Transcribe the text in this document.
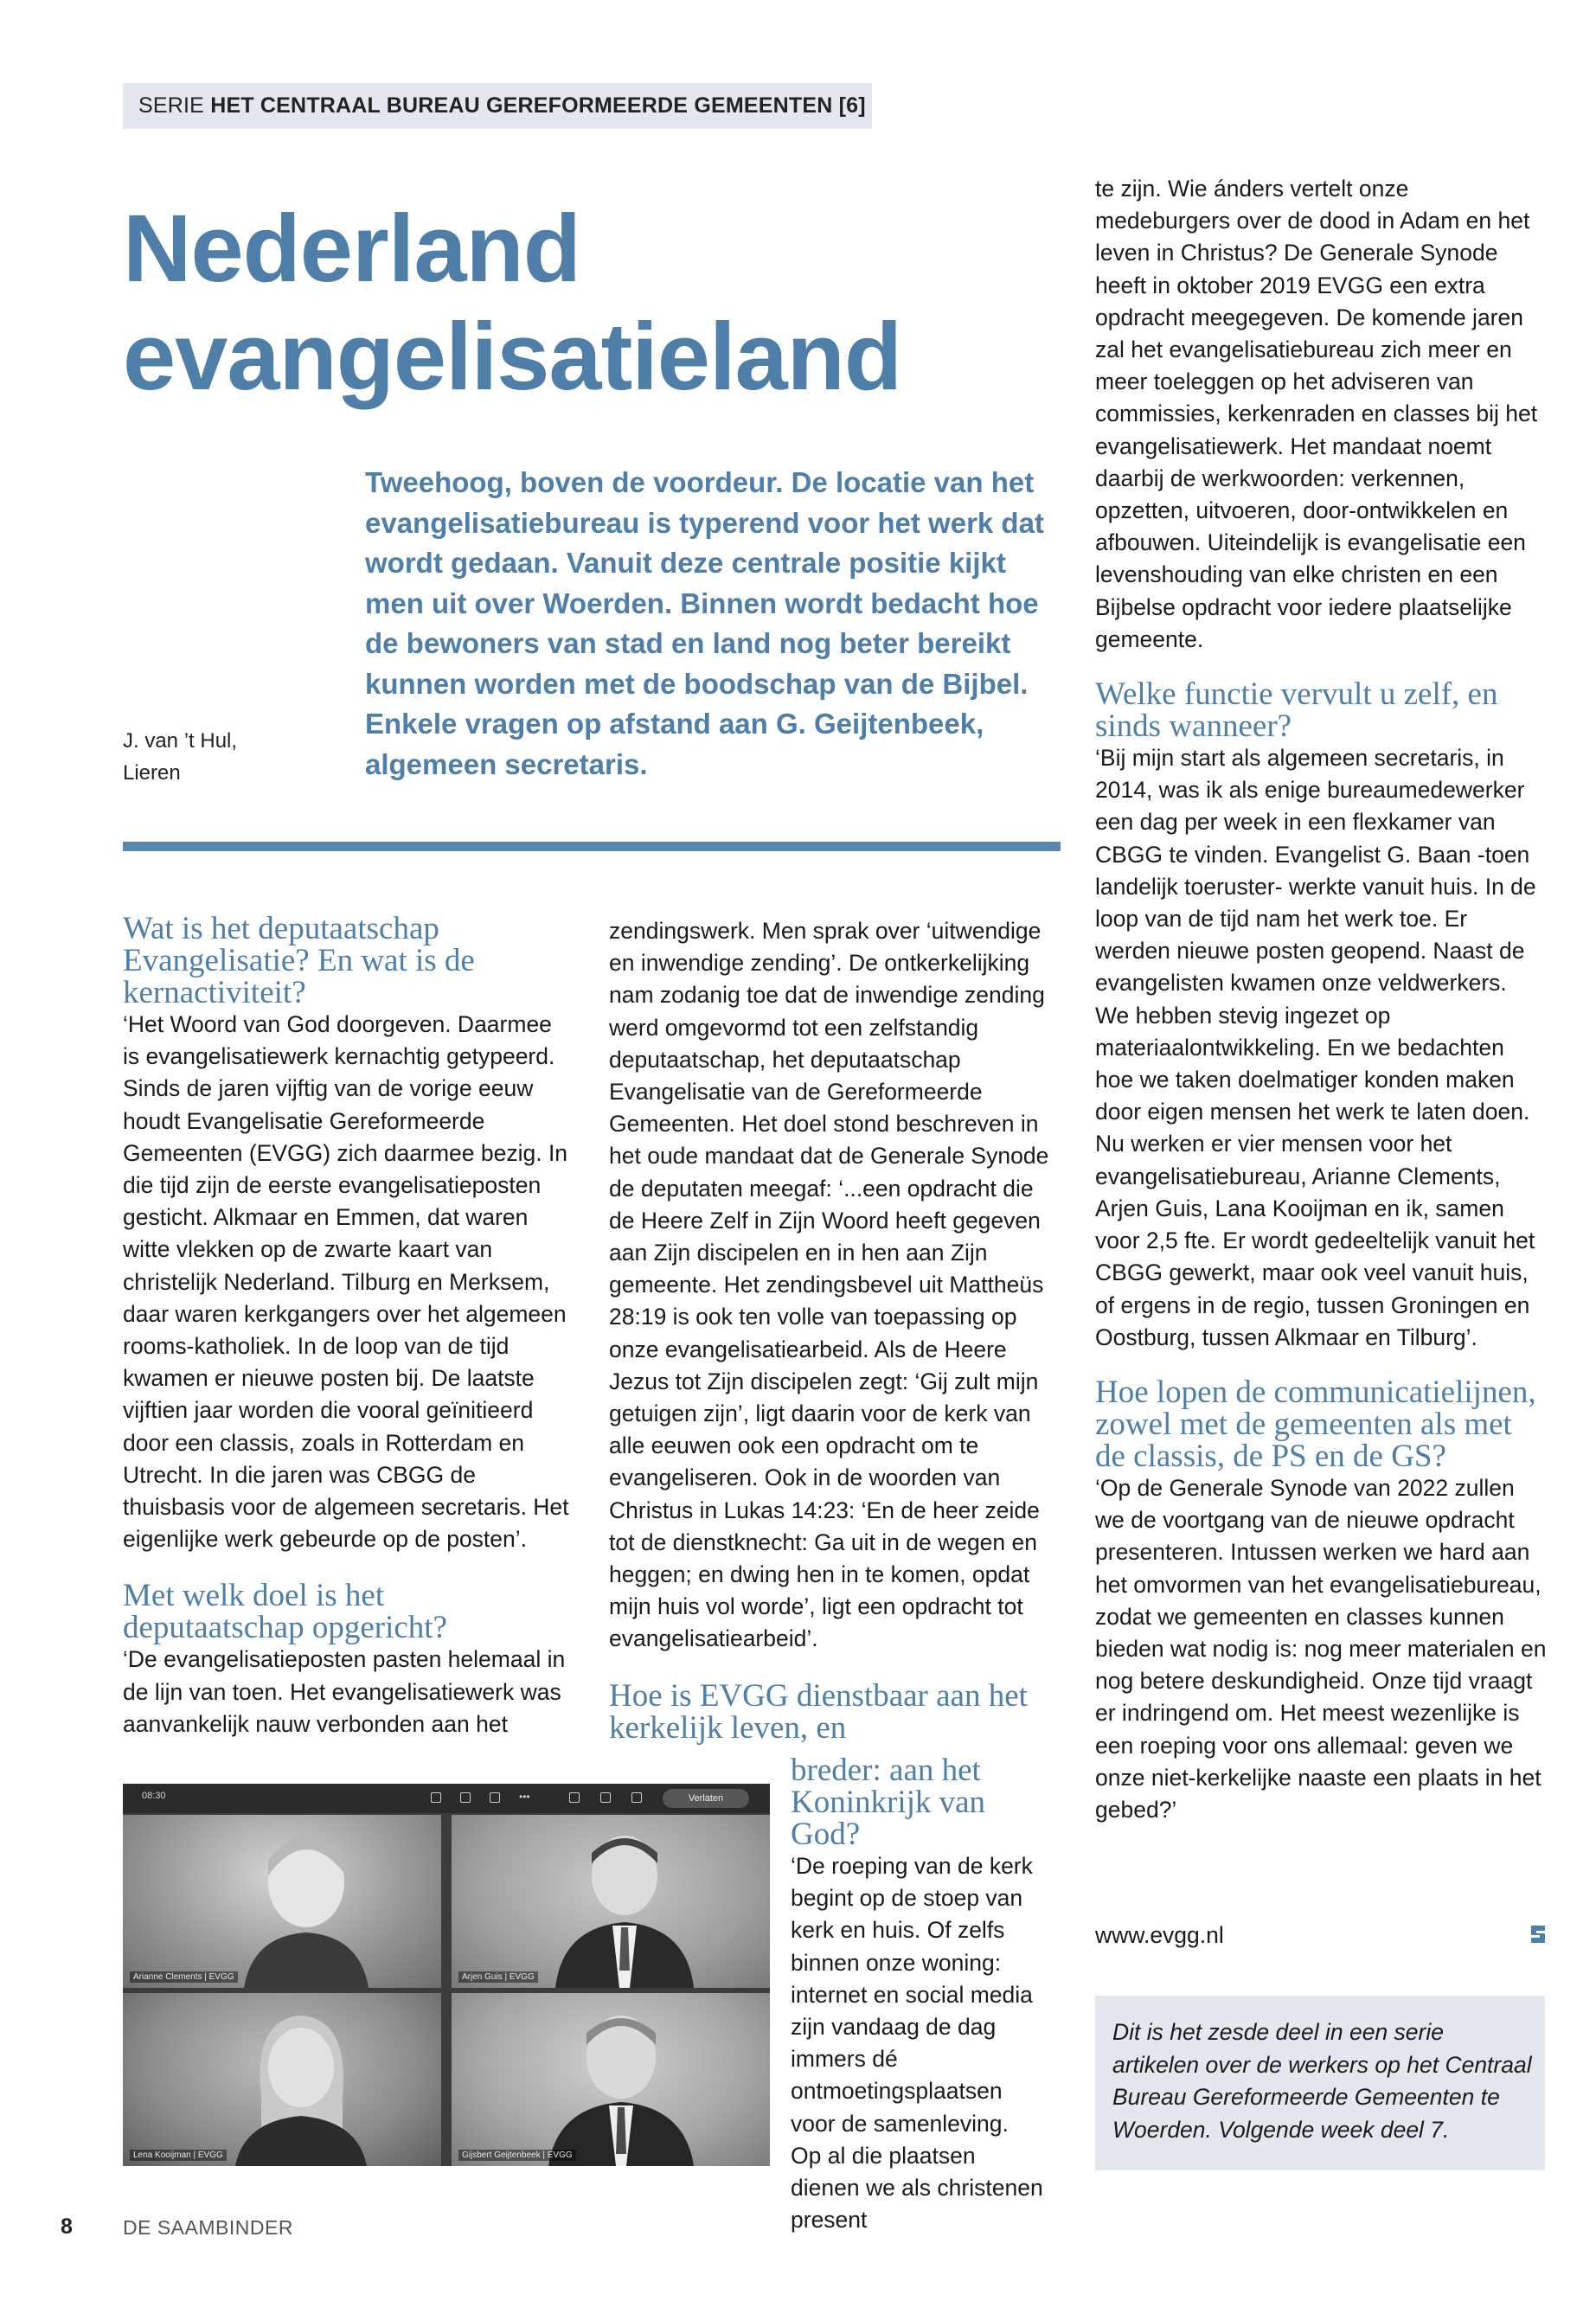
SERIE HET CENTRAAL BUREAU GEREFORMEERDE GEMEENTEN [6]
Nederland
evangelisatieland

Tweehoog, boven de voordeur. De locatie van het evangelisatiebureau is typerend voor het werk dat wordt gedaan. Vanuit deze centrale positie kijkt men uit over Woerden. Binnen wordt bedacht hoe de bewoners van stad en land nog beter bereikt kunnen worden met de boodschap van de Bijbel. Enkele vragen op afstand aan G. Geijtenbeek, algemeen secretaris.

J. van ’t Hul,
Lieren
Wat is het deputaatschap Evangelisatie? En wat is de kernactiviteit?

‘Het Woord van God doorgeven. Daarmee is evangelisatiewerk kernachtig getypeerd. Sinds de jaren vijftig van de vorige eeuw houdt Evangelisatie Gereformeerde Gemeenten (EVGG) zich daarmee bezig. In die tijd zijn de eerste evangelisatieposten gesticht. Alkmaar en Emmen, dat waren witte vlekken op de zwarte kaart van christelijk Nederland. Tilburg en Merksem, daar waren kerkgangers over het algemeen rooms-katholiek. In de loop van de tijd kwamen er nieuwe posten bij. De laatste vijftien jaar worden die vooral geïnitieerd door een classis, zoals in Rotterdam en Utrecht. In die jaren was CBGG de thuisbasis voor de algemeen secretaris. Het eigenlijke werk gebeurde op de posten’.

Met welk doel is het deputaatschap opgericht?

‘De evangelisatieposten pasten helemaal in de lijn van toen. Het evangelisatiewerk was aanvankelijk nauw verbonden aan het

zendingswerk. Men sprak over ‘uitwendige en inwendige zending’. De ontkerkelijking nam zodanig toe dat de inwendige zending werd omgevormd tot een zelfstandig deputaatschap, het deputaatschap Evangelisatie van de Gereformeerde Gemeenten. Het doel stond beschreven in het oude mandaat dat de Generale Synode de deputaten meegaf: ‘...een opdracht die de Heere Zelf in Zijn Woord heeft gegeven aan Zijn discipelen en in hen aan Zijn gemeente. Het zendingsbevel uit Mattheüs 28:19 is ook ten volle van toepassing op onze evangelisatiearbeid. Als de Heere Jezus tot Zijn discipelen zegt: ‘Gij zult mijn getuigen zijn’, ligt daarin voor de kerk van alle eeuwen ook een opdracht om te evangeliseren. Ook in de woorden van Christus in Lukas 14:23: ‘En de heer zeide tot de dienstknecht: Ga uit in de wegen en heggen; en dwing hen in te komen, opdat mijn huis vol worde’, ligt een opdracht tot evangelisatiearbeid’.

Hoe is EVGG dienstbaar aan het kerkelijk leven, en
breder: aan het Koninkrijk van God?

‘De roeping van de kerk begint op de stoep van kerk en huis. Of zelfs binnen onze woning: internet en social media zijn vandaag de dag immers dé ontmoetingsplaatsen voor de samenleving. Op al die plaatsen dienen we als christenen present

te zijn. Wie ánders vertelt onze medeburgers over de dood in Adam en het leven in Christus? De Generale Synode heeft in oktober 2019 EVGG een extra opdracht meegegeven. De komende jaren zal het evangelisatiebureau zich meer en meer toeleggen op het adviseren van commissies, kerkenraden en classes bij het evangelisatiewerk. Het mandaat noemt daarbij de werkwoorden: verkennen, opzetten, uitvoeren, door-ontwikkelen en afbouwen. Uiteindelijk is evangelisatie een levenshouding van elke christen en een Bijbelse opdracht voor iedere plaatselijke gemeente.

Welke functie vervult u zelf, en sinds wanneer?

‘Bij mijn start als algemeen secretaris, in 2014, was ik als enige bureaumedewerker een dag per week in een flexkamer van CBGG te vinden. Evangelist G. Baan -toen landelijk toeruster- werkte vanuit huis. In de loop van de tijd nam het werk toe. Er werden nieuwe posten geopend. Naast de evangelisten kwamen onze veldwerkers. We hebben stevig ingezet op materiaalontwikkeling. En we bedachten hoe we taken doelmatiger konden maken door eigen mensen het werk te laten doen. Nu werken er vier mensen voor het evangelisatiebureau, Arianne Clements, Arjen Guis, Lana Kooijman en ik, samen voor 2,5 fte. Er wordt gedeeltelijk vanuit het CBGG gewerkt, maar ook veel vanuit huis, of ergens in de regio, tussen Groningen en Oostburg, tussen Alkmaar en Tilburg’.

Hoe lopen de communicatielijnen, zowel met de gemeenten als met de classis, de PS en de GS?

‘Op de Generale Synode van 2022 zullen we de voortgang van de nieuwe opdracht presenteren. Intussen werken we hard aan het omvormen van het evangelisatiebureau, zodat we gemeenten en classes kunnen bieden wat nodig is: nog meer materialen en nog betere deskundigheid. Onze tijd vraagt er indringend om. Het meest wezenlijke is een roeping voor ons allemaal: geven we onze niet-kerkelijke naaste een plaats in het gebed?’

www.evgg.nl

Dit is het zesde deel in een serie artikelen over de werkers op het Centraal Bureau Gereformeerde Gemeenten te Woerden. Volgende week deel 7.

08:30	•••	Verlaten
Arianne Clements | EVGG	Arjen Guis | EVGG
Lena Kooijman | EVGG	Gijsbert Geijtenbeek | EVGG
8	DE SAAMBINDER
